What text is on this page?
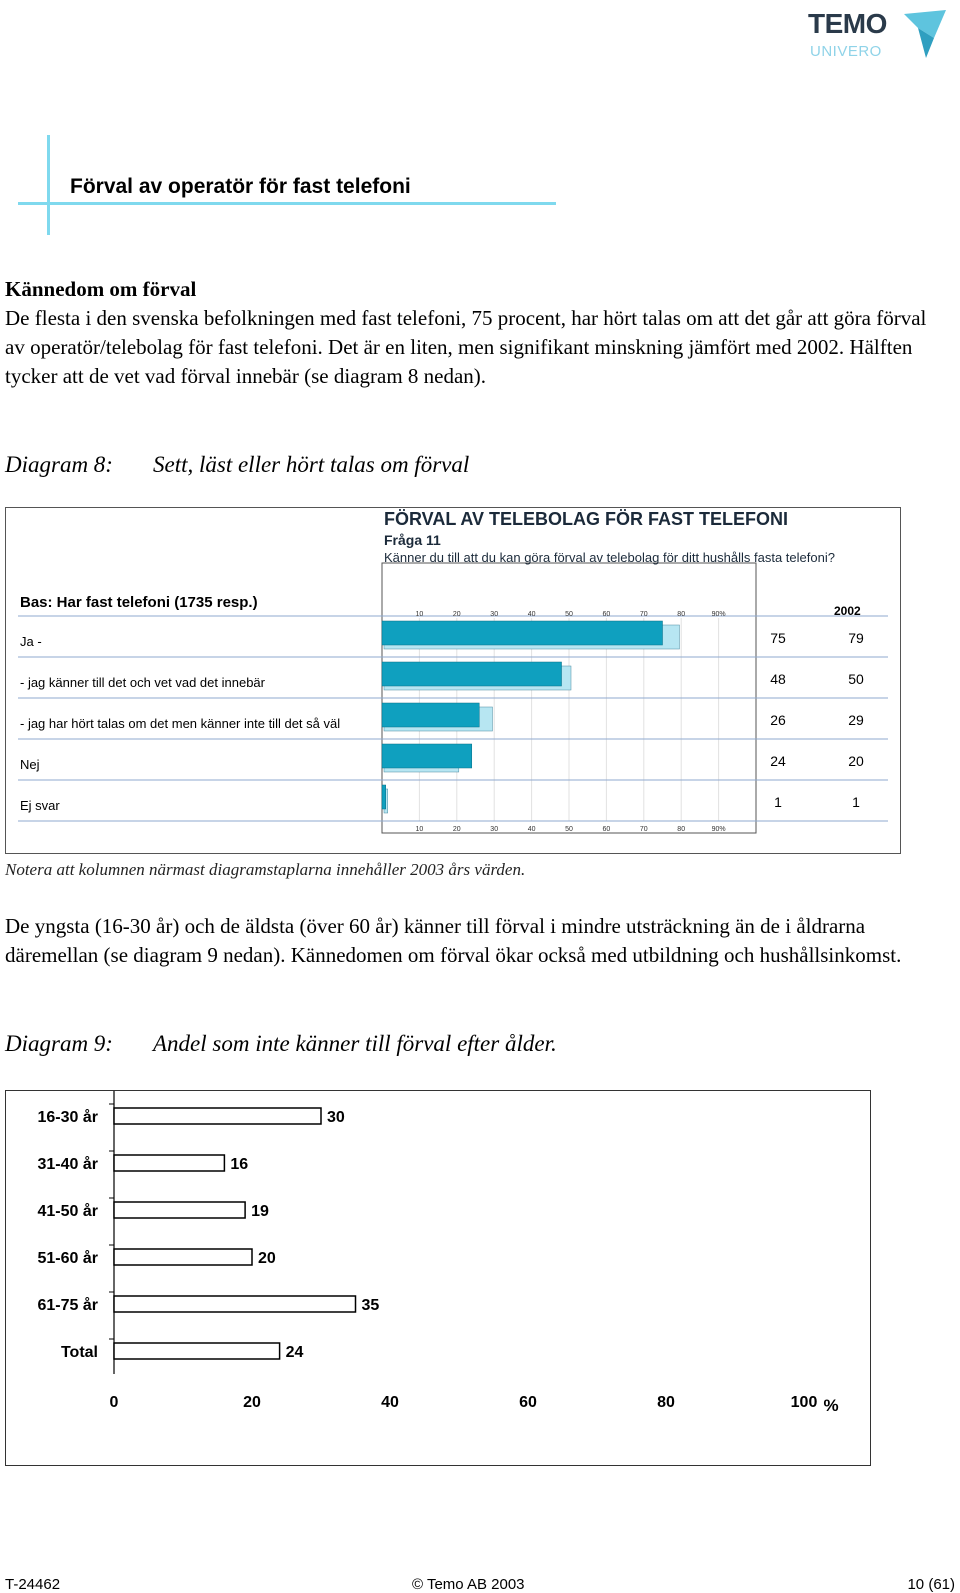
TEMO
UNIVERO
Förval av operatör för fast telefoni
Kännedom om förval
De flesta i den svenska befolkningen med fast telefoni, 75 procent, har hört talas om att det går att göra förval av operatör/telebolag för fast telefoni. Det är en liten, men signifikant minskning jämfört med 2002. Hälften tycker att de vet vad förval innebär (se diagram 8 nedan).
Diagram 8: Sett, läst eller hört talas om förval
FÖRVAL AV TELEBOLAG FÖR FAST TELEFONI
Fråga 11
Känner du till att du kan göra förval av telebolag för ditt hushålls fasta telefoni?
Bas: Har fast telefoni (1735 resp.)	2002
10
10
20
20
30
30
40
40
50
50
60
60
70
70
80
80
90%
90%
Ja -	75	79
- jag känner till det och vet vad det innebär	48	50
- jag har hört talas om det men känner inte till det så väl	26	29
Nej	24	20
Ej svar	1	1
Notera att kolumnen närmast diagramstaplarna innehåller 2003 års värden.
De yngsta (16-30 år) och de äldsta (över 60 år) känner till förval i mindre utsträckning än de i åldrarna däremellan (se diagram 9 nedan). Kännedomen om förval ökar också med utbildning och hushållsinkomst.
Diagram 9: Andel som inte känner till förval efter ålder.
16-30 år	30
31-40 år	16
41-50 år	19
51-60 år	20
61-75 år	35
Total	24
0	20	40	60	80	100 %
T-24462	© Temo AB 2003	10 (61)
